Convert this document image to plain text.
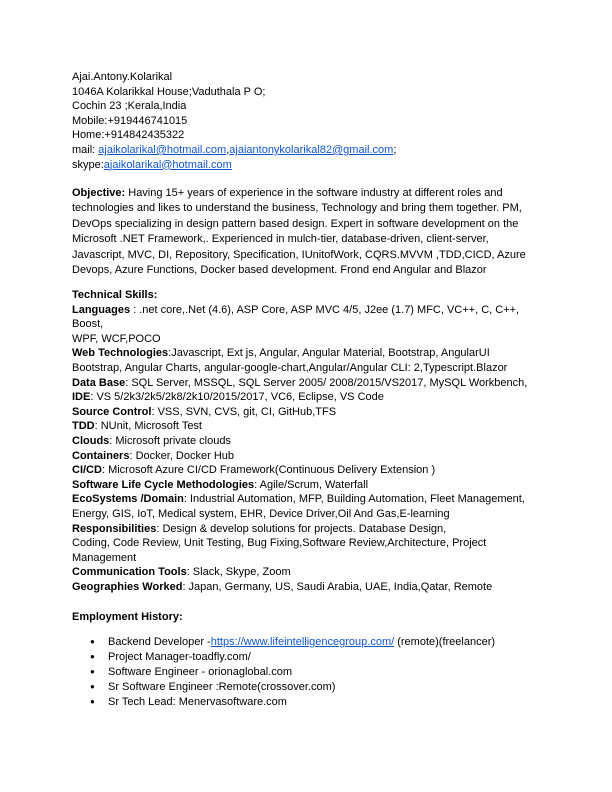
Ajai.Antony.Kolarikal
1046A Kolarikkal House;Vaduthala P O;
Cochin 23 ;Kerala,India
Mobile:+919446741015
Home:+914842435322
mail: ajaikolarikal@hotmail.com,ajaiantonykolarikal82@gmail.com;
skype:ajaikolarikal@hotmail.com
Objective: Having 15+ years of experience in the software industry at different roles and
technologies and likes to understand the business, Technology and bring them together. PM,
DevOps specializing in design pattern based design. Expert in software development on the
Microsoft .NET Framework,. Experienced in mulch-tier, database-driven, client-server,
Javascript, MVC, DI, Repository, Specification, IUnitofWork, CQRS.MVVM ,TDD,CICD, Azure
Devops, Azure Functions, Docker based development. Frond end Angular and Blazor
Technical Skills:
Languages : .net core,.Net (4.6), ASP Core, ASP MVC 4/5, J2ee (1.7) MFC, VC++, C, C++,
Boost,
WPF, WCF,POCO
Web Technologies:Javascript, Ext js, Angular, Angular Material, Bootstrap, AngularUI
Bootstrap, Angular Charts, angular-google-chart,Angular/Angular CLI: 2,Typescript.Blazor
Data Base: SQL Server, MSSQL, SQL Server 2005/ 2008/2015/VS2017, MySQL Workbench,
IDE: VS 5/2k3/2k5/2k8/2k10/2015/2017, VC6, Eclipse, VS Code
Source Control: VSS, SVN, CVS, git, CI, GitHub,TFS
TDD: NUnit, Microsoft Test
Clouds: Microsoft private clouds
Containers: Docker, Docker Hub
CI/CD: Microsoft Azure CI/CD Framework(Continuous Delivery Extension )
Software Life Cycle Methodologies: Agile/Scrum, Waterfall
EcoSystems /Domain: Industrial Automation, MFP, Building Automation, Fleet Management,
Energy, GIS, IoT, Medical system, EHR, Device Driver,Oil And Gas,E-learning
Responsibilities: Design & develop solutions for projects. Database Design,
Coding, Code Review, Unit Testing, Bug Fixing,Software Review,Architecture, Project
Management
Communication Tools: Slack, Skype, Zoom
Geographies Worked: Japan, Germany, US, Saudi Arabia, UAE, India,Qatar, Remote
Employment History:
● Backend Developer -https://www.lifeintelligencegroup.com/ (remote)(freelancer)
● Project Manager-toadfly.com/
● Software Engineer - orionaglobal.com
● Sr Software Engineer :Remote(crossover.com)
● Sr Tech Lead: Menervasoftware.com
